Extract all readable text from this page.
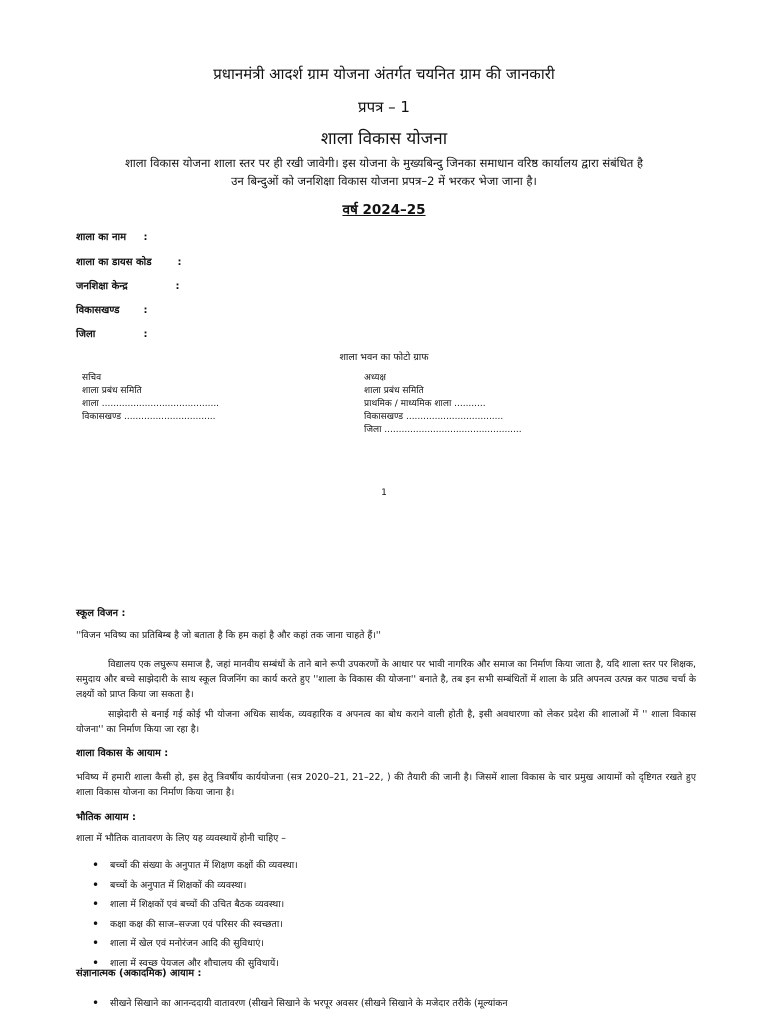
प्रधानमंत्री आदर्श ग्राम योजना अंतर्गत चयनित ग्राम की जानकारी
प्रपत्र – 1
शाला विकास योजना
शाला विकास योजना शाला स्तर पर ही रखी जावेगी। इस योजना के मुख्यबिन्दु जिनका समाधान वरिष्ठ कार्यालय द्वारा संबंधित है
उन बिन्दुओं को जनशिक्षा विकास योजना प्रपत्र–2 में भरकर भेजा जाना है।
वर्ष 2024–25
शाला का नाम :
शाला का डायस कोड	:
जनशिक्षा केन्द्र	:
विकासखण्ड :
जिला	:
शाला भवन का फोटो ग्राफ
सचिव
शाला प्रबंध समिति
शाला .........................................
विकासखण्ड ................................
अध्यक्ष
शाला प्रबंध समिति
प्राथमिक / माध्यमिक शाला ...........
विकासखण्ड ..................................
जिला ................................................
1
स्कूल विजन :
''विजन भविष्य का प्रतिबिम्ब है जो बताता है कि हम कहां है और कहां तक जाना चाहते हैं।''
विद्यालय एक लघुरूप समाज है, जहां मानवीय सम्बंधों के ताने बाने रूपी उपकरणों के आधार पर भावी नागरिक और समाज का निर्माण किया जाता है, यदि शाला स्तर पर शिक्षक, समुदाय और बच्चे साझेदारी के साथ स्कूल विजनिंग का कार्य करते हुए ''शाला के विकास की योजना'' बनाते है, तब इन सभी सम्बंधितों में शाला के प्रति अपनत्व उत्पन्न कर पाठ्य चर्चा के लक्ष्यों को प्राप्त किया जा सकता है।
साझेदारी से बनाई गई कोई भी योजना अधिक सार्थक, व्यवहारिक व अपनत्व का बोध कराने वाली होती है, इसी अवधारणा को लेकर प्रदेश की शालाओं में '' शाला विकास योजना'' का निर्माण किया जा रहा है।
शाला विकास के आयाम :
भविष्य में हमारी शाला कैसी हो, इस हेतु त्रिवर्षीय कार्ययोजना (सत्र 2020–21, 21–22, ) की तैयारी की जानी है। जिसमें शाला विकास के चार प्रमुख आयामों को दृष्टिगत रखते हुए शाला विकास योजना का निर्माण किया जाना है।
भौतिक आयाम :
शाला में भौतिक वातावरण के लिए यह व्यवस्थायें होनी चाहिए –
• बच्चों की संख्या के अनुपात में शिक्षण कक्षों की व्यवस्था।
• बच्चों के अनुपात में शिक्षकों की व्यवस्था।
• शाला में शिक्षकों एवं बच्चों की उचित बैठक व्यवस्था।
• कक्षा कक्ष की साज–सज्जा एवं परिसर की स्वच्छता।
• शाला में खेल एवं मनोरंजन आदि की सुविधाएं।
• शाला में स्वच्छ पेयजल और शौचालय की सुविधायें।
संज्ञानात्मक (अकादमिक) आयाम :
• सीखने सिखाने का आनन्ददायी वातावरण (सीखने सिखाने के भरपूर अवसर (सीखने सिखाने के मजेदार तरीके (मूल्यांकन
